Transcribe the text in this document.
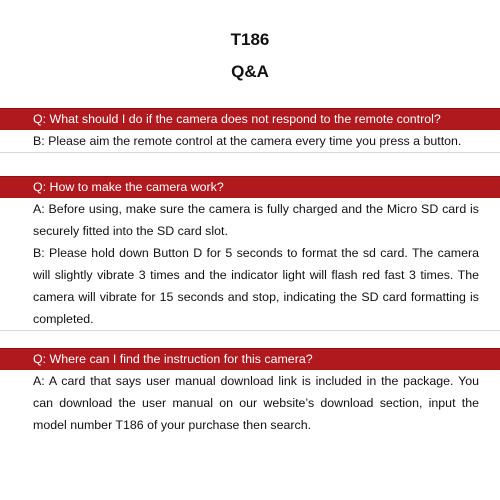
T186
Q&A
Q: What should I do if the camera does not respond to the remote control?

B: Please aim the remote control at the camera every time you press a button.

Q: How to make the camera work?

A: Before using, make sure the camera is fully charged and the Micro SD card is securely fitted into the SD card slot.

B: Please hold down Button D for 5 seconds to format the sd card. The camera will slightly vibrate 3 times and the indicator light will flash red fast 3 times. The camera will vibrate for 15 seconds and stop, indicating the SD card formatting is completed.

Q: Where can I find the instruction for this camera?

A: A card that says user manual download link is included in the package. You can download the user manual on our website’s download section, input the model number T186 of your purchase then search.
